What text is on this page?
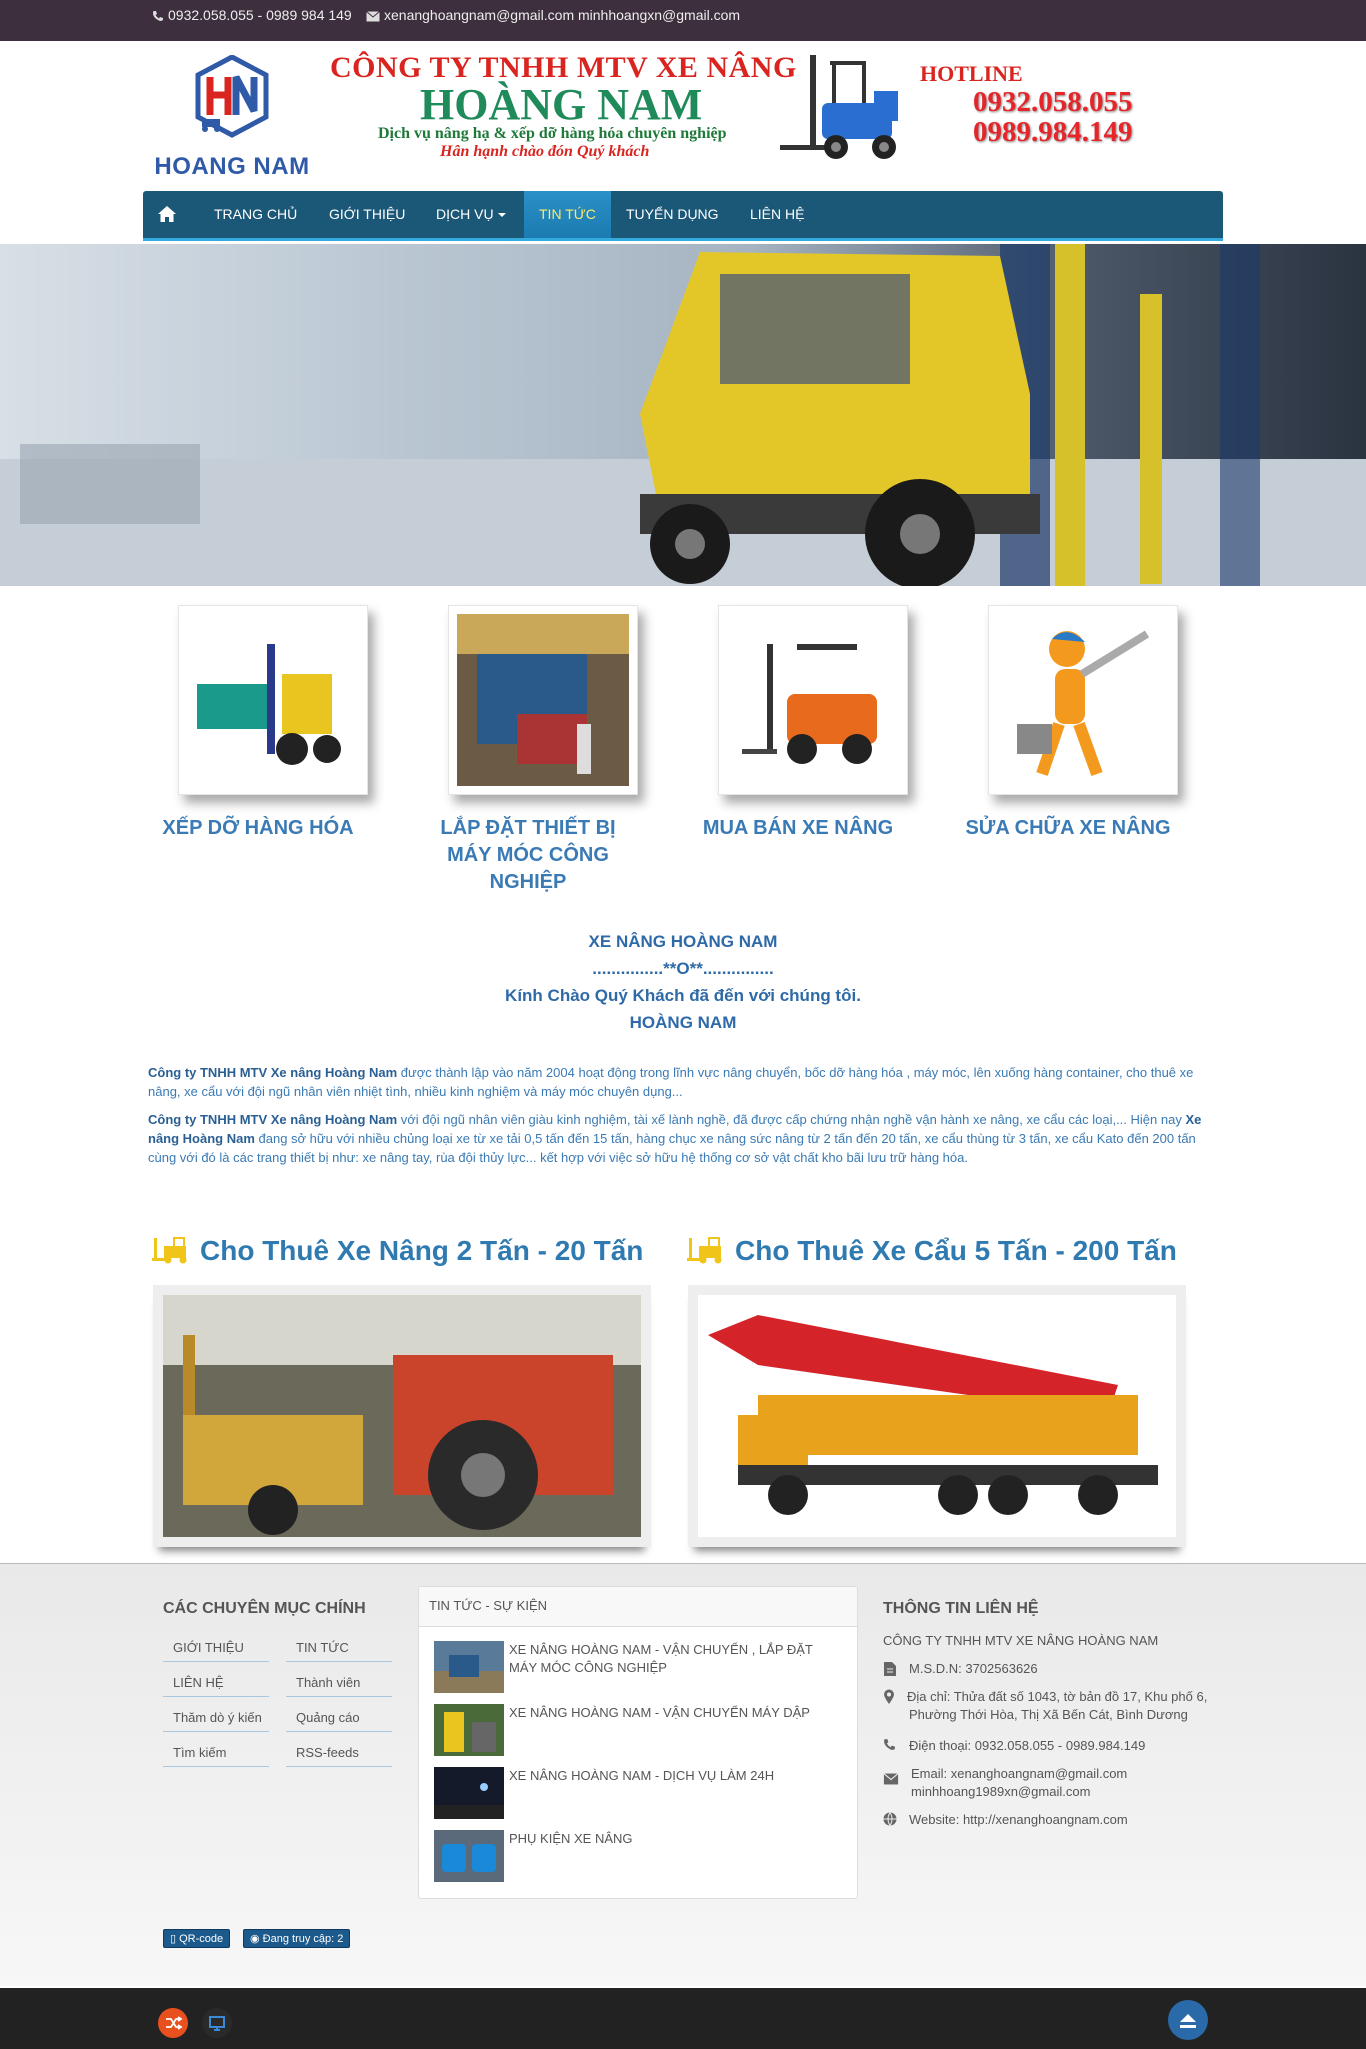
0932.058.055 - 0989 984 149	xenanghoangnam@gmail.com minhhoangxn@gmail.com
HOANG NAM
CÔNG TY TNHH MTV XE NÂNG
HOÀNG NAM
Dịch vụ nâng hạ & xếp dỡ hàng hóa chuyên nghiệp
Hân hạnh chào đón Quý khách
HOTLINE
0932.058.055
0989.984.149
TRANG CHỦ GIỚI THIỆU DỊCH VỤ	TIN TỨC	TUYỂN DỤNG LIÊN HỆ
XẾP DỠ HÀNG HÓA	LẮP ĐẶT THIẾT BỊ MÁY MÓC CÔNG NGHIỆP
MUA BÁN XE NÂNG	SỬA CHỮA XE NÂNG
XE NÂNG HOÀNG NAM
...............**O**...............
Kính Chào Quý Khách đã đến với chúng tôi.
HOÀNG NAM

Công ty TNHH MTV Xe nâng Hoàng Nam được thành lập vào năm 2004 hoạt động trong lĩnh vực nâng chuyển, bốc dỡ hàng hóa , máy móc, lên xuống hàng container, cho thuê xe nâng, xe cẩu với đội ngũ nhân viên nhiệt tình, nhiều kinh nghiệm và máy móc chuyên dụng...

Công ty TNHH MTV Xe nâng Hoàng Nam với đội ngũ nhân viên giàu kinh nghiệm, tài xế lành nghề, đã được cấp chứng nhận nghề vận hành xe nâng, xe cẩu các loại,... Hiện nay Xe nâng Hoàng Nam đang sở hữu với nhiều chủng loại xe từ xe tải 0,5 tấn đến 15 tấn, hàng chục xe nâng sức nâng từ 2 tấn đến 20 tấn, xe cẩu thùng từ 3 tấn, xe cẩu Kato đến 200 tấn cùng với đó là các trang thiết bị như: xe nâng tay, rùa đội thủy lực... kết hợp với việc sở hữu hệ thống cơ sở vật chất kho bãi lưu trữ hàng hóa.

Cho Thuê Xe Nâng 2 Tấn - 20 Tấn	Cho Thuê Xe Cẩu 5 Tấn - 200 Tấn
CÁC CHUYÊN MỤC CHÍNH
GIỚI THIỆU	TIN TỨC
LIÊN HỆ	Thành viên
Thăm dò ý kiến	Quảng cáo
Tìm kiếm	RSS-feeds
TIN TỨC - SỰ KIỆN
XE NÂNG HOÀNG NAM - VẬN CHUYỂN , LẮP ĐẶT MÁY MÓC CÔNG NGHIỆP
XE NÂNG HOÀNG NAM - VẬN CHUYỂN MÁY DẬP
XE NÂNG HOÀNG NAM - DỊCH VỤ LÀM 24H
PHỤ KIỆN XE NÂNG
THÔNG TIN LIÊN HỆ
CÔNG TY TNHH MTV XE NÂNG HOÀNG NAM
M.S.D.N: 3702563626
Địa chỉ: Thửa đất số 1043, tờ bản đồ 17, Khu phố 6, Phường Thới Hòa, Thị Xã Bến Cát, Bình Dương
Điện thoại: 0932.058.055 - 0989.984.149
Email: xenanghoangnam@gmail.com
minhhoang1989xn@gmail.com
Website: http://xenanghoangnam.com
▯ QR-code	◉ Đang truy cập: 2
